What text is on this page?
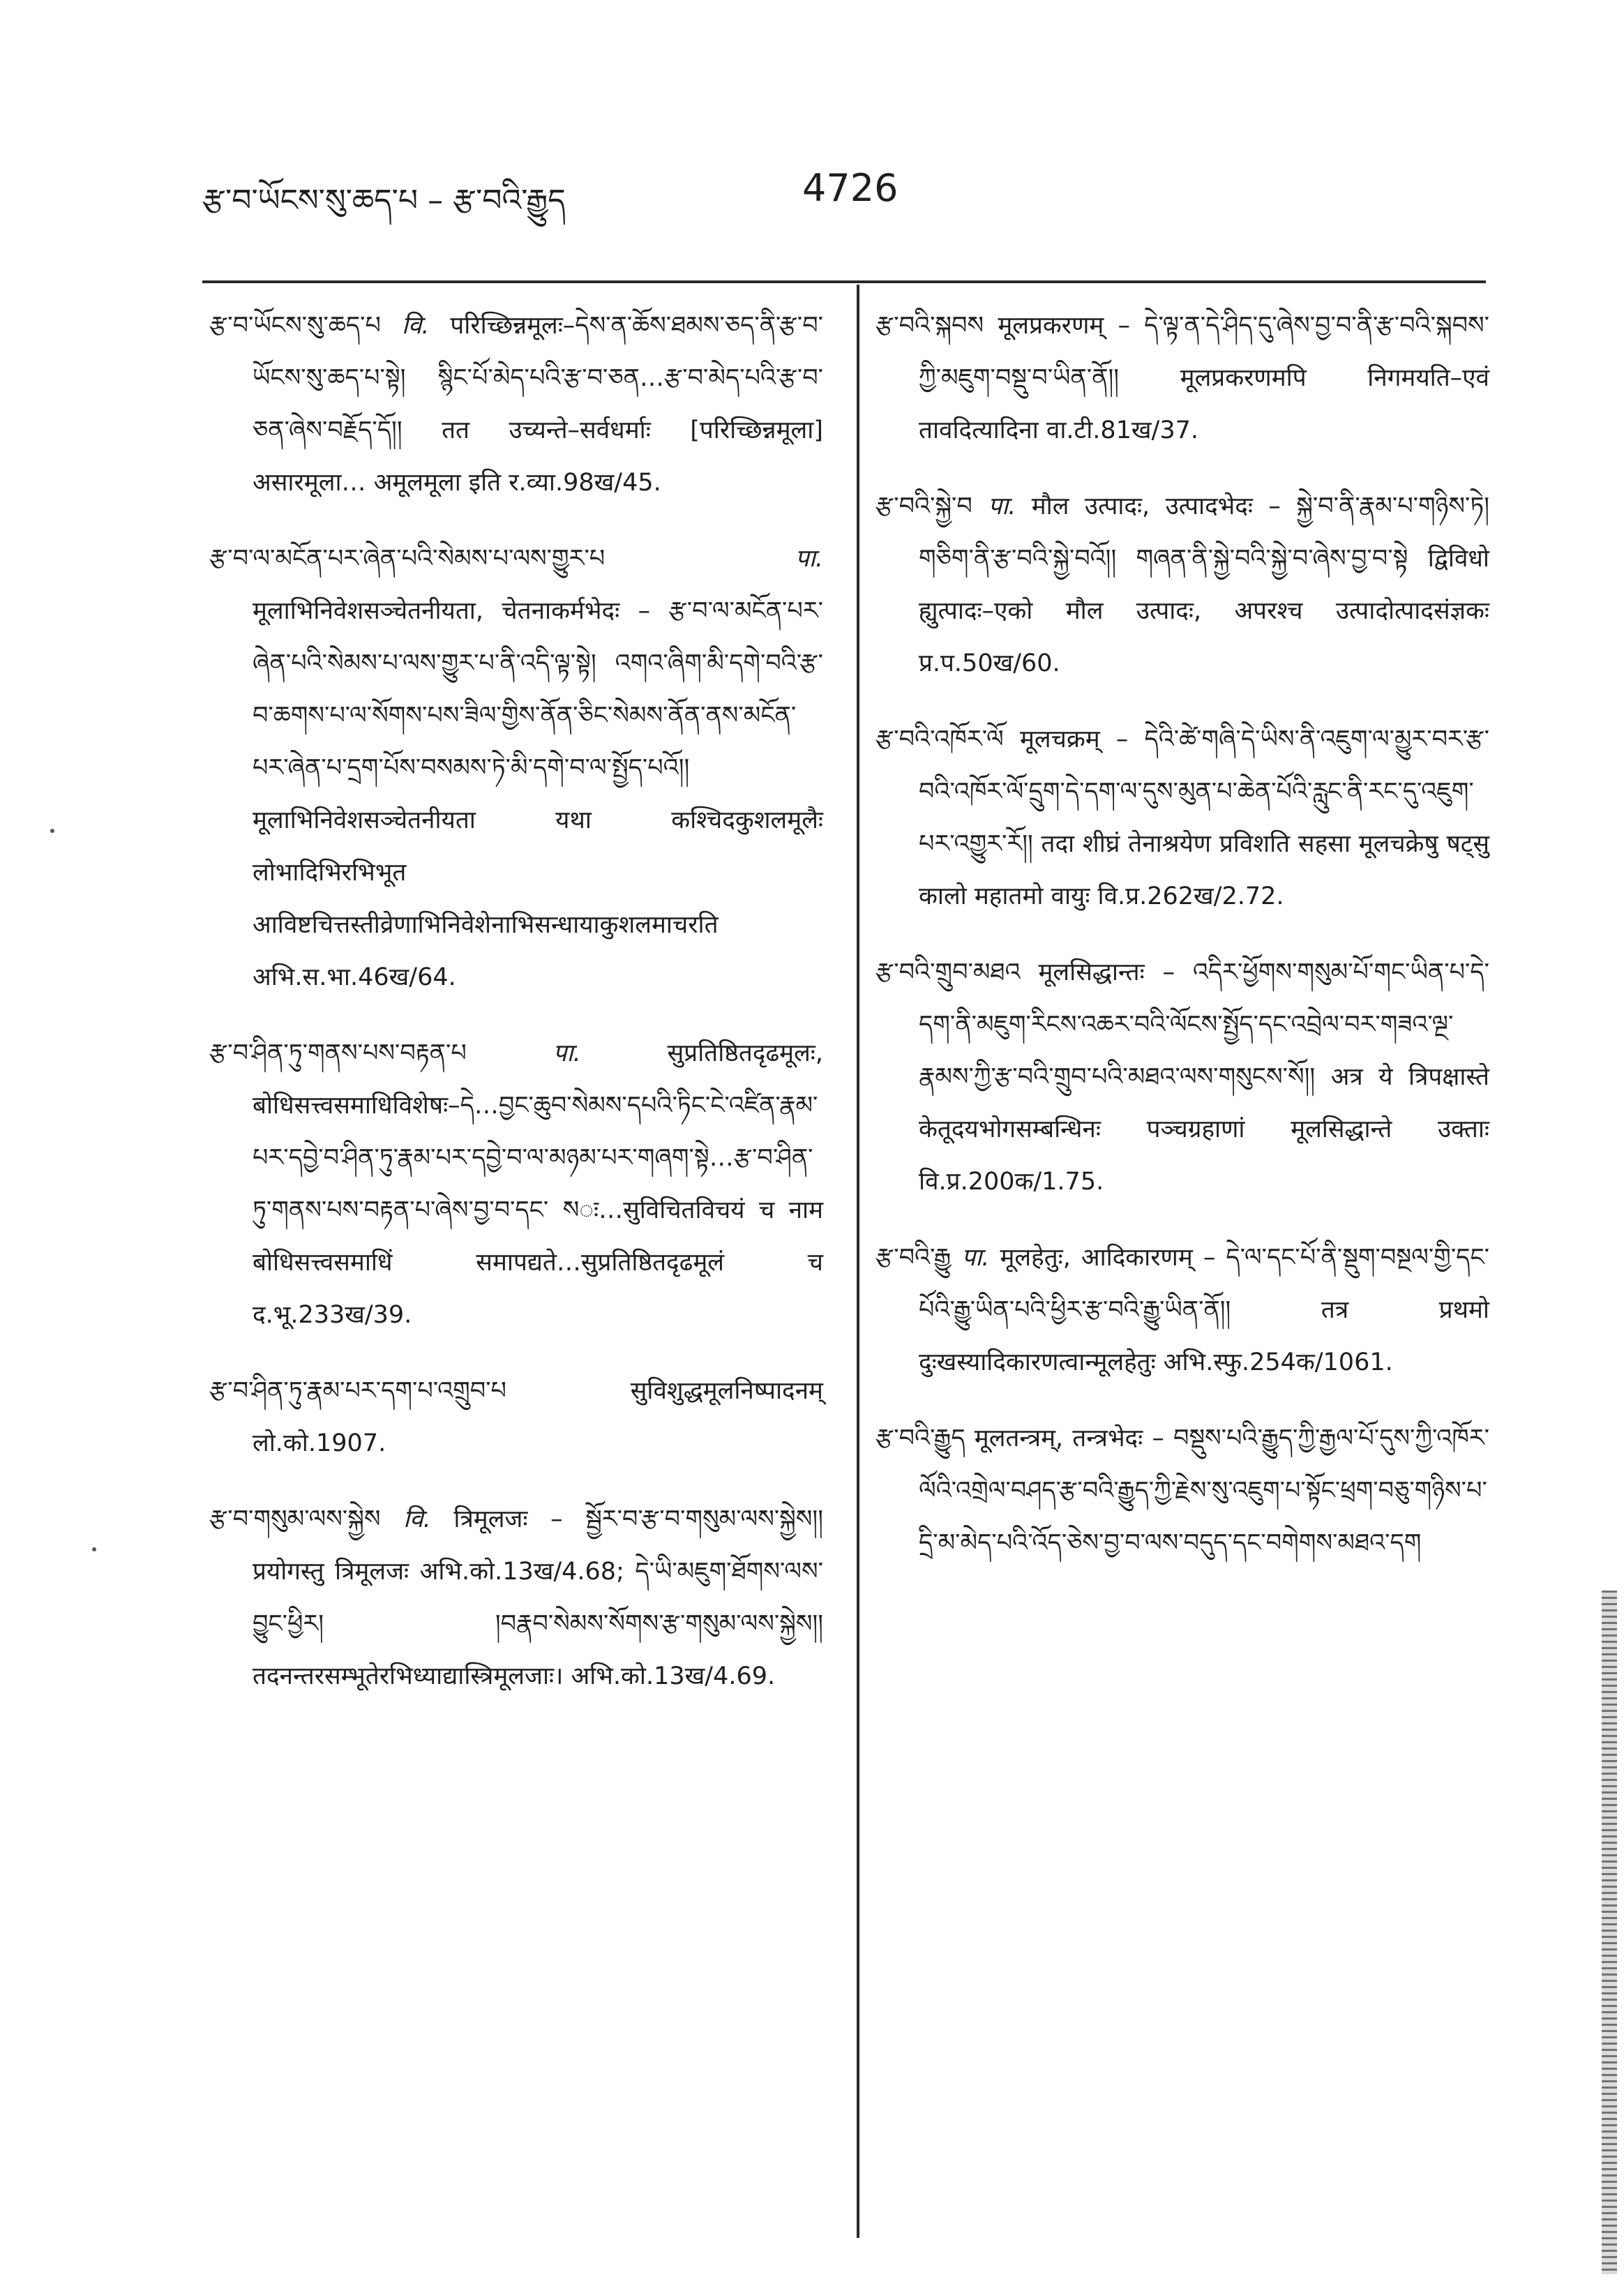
རྩ་བ་ཡོངས་སུ་ཆད་པ – རྩ་བའི་རྒྱུད	4726

རྩ་བ་ཡོངས་སུ་ཆད་པ वि. परिच्छिन्नमूलः–དེས་ན་ཆོས་ཐམས་ཅད་ནི་རྩ་བ་ཡོངས་སུ་ཆད་པ་སྟེ། སྙིང་པོ་མེད་པའི་རྩ་བ་ཅན…རྩ་བ་མེད་པའི་རྩ་བ་ཅན་ཞེས་བརྗོད་དོ།། तत उच्यन्ते–सर्वधर्माः [परिच्छिन्नमूला] असारमूला… अमूलमूला इति र.व्या.98ख/45.

རྩ་བ་ལ་མངོན་པར་ཞེན་པའི་སེམས་པ་ལས་གྱུར་པ	पा. मूलाभिनिवेशसञ्चेतनीयता, चेतनाकर्मभेदः – རྩ་བ་ལ་མངོན་པར་ཞེན་པའི་སེམས་པ་ལས་གྱུར་པ་ནི་འདི་ལྟ་སྟེ། འགའ་ཞིག་མི་དགེ་བའི་རྩ་བ་ཆགས་པ་ལ་སོགས་པས་ཟིལ་གྱིས་ནོན་ཅིང་སེམས་ནོན་ནས་མངོན་པར་ཞེན་པ་དྲག་པོས་བསམས་ཏེ་མི་དགེ་བ་ལ་སྤྱོད་པའོ།། मूलाभिनिवेशसञ्चेतनीयता यथा कश्चिदकुशलमूलैः लोभादिभिरभिभूत आविष्टचित्तस्तीव्रेणाभिनिवेशेनाभिसन्धायाकुशलमाचरति अभि.स.भा.46ख/64.

རྩ་བ་ཤིན་ཏུ་གནས་པས་བརྟན་པ	पा.	सुप्रतिष्ठितदृढमूलः, बोधिसत्त्वसमाधिविशेषः–དེ…བྱང་ཆུབ་སེམས་དཔའི་ཏིང་ངེ་འཛིན་རྣམ་པར་དབྱེ་བ་ཤིན་ཏུ་རྣམ་པར་དབྱེ་བ་ལ་མཉམ་པར་གཞག་སྟེ…རྩ་བ་ཤིན་ཏུ་གནས་པས་བརྟན་པ་ཞེས་བྱ་བ་དང་ སः…सुविचितविचयं च नाम बोधिसत्त्वसमाधिं समापद्यते…सुप्रतिष्ठितदृढमूलं च द.भू.233ख/39.

རྩ་བ་ཤིན་ཏུ་རྣམ་པར་དག་པ་འགྲུབ་པ	सुविशुद्धमूलनिष्पादनम् लो.को.1907.

རྩ་བ་གསུམ་ལས་སྐྱེས वि. त्रिमूलजः – སྦྱོར་བ་རྩ་བ་གསུམ་ལས་སྐྱེས།། प्रयोगस्तु त्रिमूलजः अभि.को.13ख/4.68; དེ་ཡི་མཇུག་ཐོགས་ལས་བྱུང་ཕྱིར། །བརྣབ་སེམས་སོགས་རྩ་གསུམ་ལས་སྐྱེས།། तदनन्तरसम्भूतेरभिध्याद्यास्त्रिमूलजाः। अभि.को.13ख/4.69.

རྩ་བའི་སྐབས मूलप्रकरणम् – དེ་ལྟ་ན་དེ་ཤིད་དུ་ཞེས་བྱ་བ་ནི་རྩ་བའི་སྐབས་ཀྱི་མཇུག་བསྡུ་བ་ཡིན་ནོ།། मूलप्रकरणमपि निगमयति–एवं तावदित्यादिना वा.टी.81ख/37.

རྩ་བའི་སྐྱེ་བ पा. मौल उत्पादः, उत्पादभेदः – སྐྱེ་བ་ནི་རྣམ་པ་གཉིས་ཏེ། གཅིག་ནི་རྩ་བའི་སྐྱེ་བའོ།། གཞན་ནི་སྐྱེ་བའི་སྐྱེ་བ་ཞེས་བྱ་བ་སྟེ द्विविधो ह्युत्पादः–एको मौल उत्पादः, अपरश्च उत्पादोत्पादसंज्ञकः प्र.प.50ख/60.

རྩ་བའི་འཁོར་ལོ मूलचक्रम् – དེའི་ཚེ་གཞི་དེ་ཡིས་ནི་འཇུག་ལ་མྱུར་བར་རྩ་བའི་འཁོར་ལོ་དྲུག་དེ་དག་ལ་དུས་མུན་པ་ཆེན་པོའི་རླུང་ནི་རང་དུ་འཇུག་པར་འགྱུར་རོ།། तदा शीघ्रं तेनाश्रयेण प्रविशति सहसा मूलचक्रेषु षट्सु कालो महातमो वायुः वि.प्र.262ख/2.72.

རྩ་བའི་གྲུབ་མཐའ मूलसिद्धान्तः – འདིར་ཕྱོགས་གསུམ་པོ་གང་ཡིན་པ་དེ་དག་ནི་མཇུག་རིངས་འཆར་བའི་ལོངས་སྤྱོད་དང་འབྲེལ་བར་གཟའ་ལྔ་རྣམས་ཀྱི་རྩ་བའི་གྲུབ་པའི་མཐའ་ལས་གསུངས་སོ།། अत्र ये त्रिपक्षास्ते केतूदयभोगसम्बन्धिनः पञ्चग्रहाणां मूलसिद्धान्ते उक्ताः वि.प्र.200क/1.75.

རྩ་བའི་རྒྱུ पा. मूलहेतुः, आदिकारणम् – དེ་ལ་དང་པོ་ནི་སྡུག་བསྔལ་གྱི་དང་པོའི་རྒྱུ་ཡིན་པའི་ཕྱིར་རྩ་བའི་རྒྱུ་ཡིན་ནོ།། तत्र प्रथमो दुःखस्यादिकारणत्वान्मूलहेतुः अभि.स्फु.254क/1061.

རྩ་བའི་རྒྱུད मूलतन्त्रम्, तन्त्रभेदः – བསྡུས་པའི་རྒྱུད་ཀྱི་རྒྱལ་པོ་དུས་ཀྱི་འཁོར་ལོའི་འགྲེལ་བཤད་རྩ་བའི་རྒྱུད་ཀྱི་རྗེས་སུ་འཇུག་པ་སྟོང་ཕྲག་བཅུ་གཉིས་པ་དྲི་མ་མེད་པའི་འོད་ཅེས་བྱ་བ་ལས་བདུད་དང་བགེགས་མཐའ་དག
